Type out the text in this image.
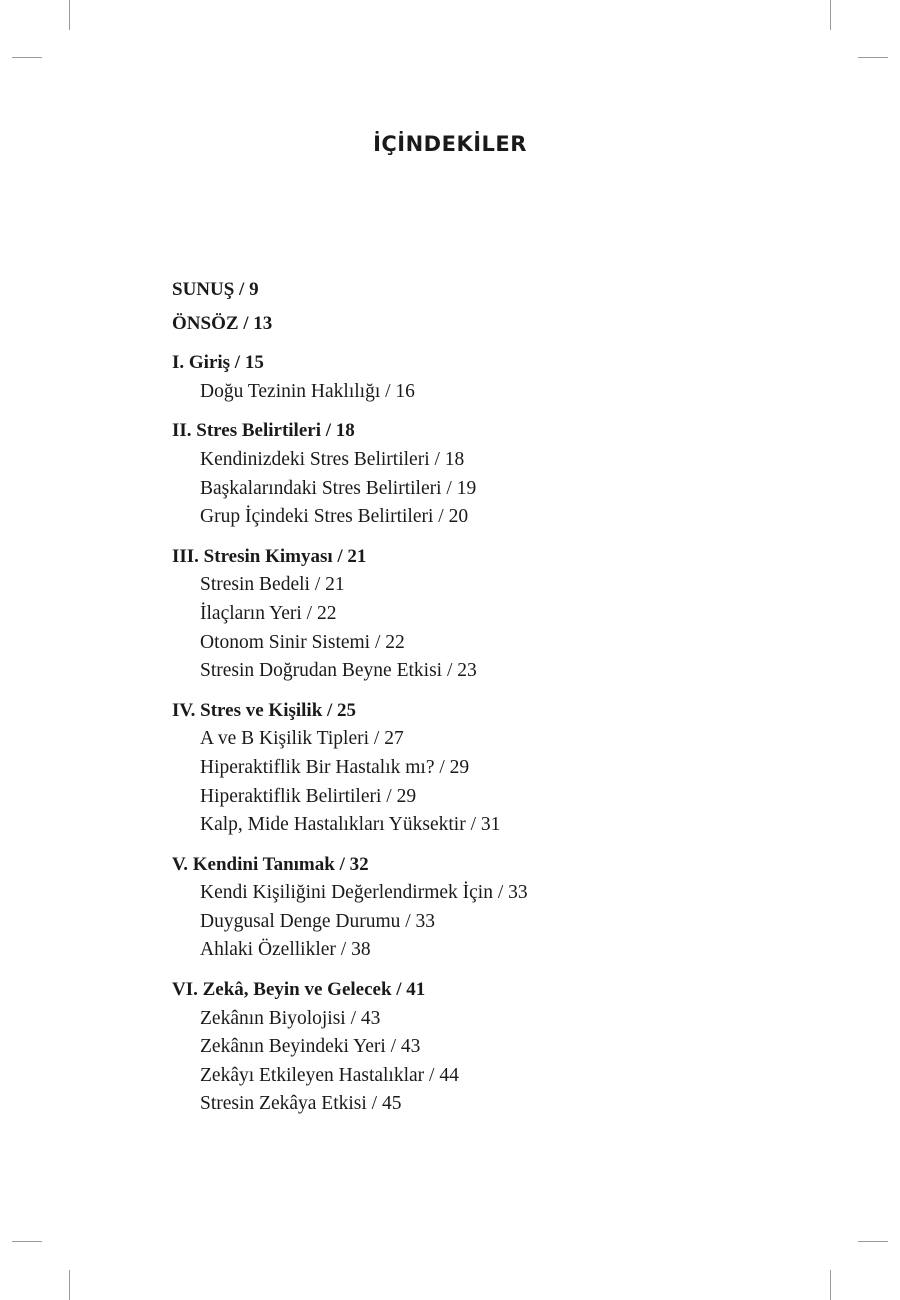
İÇİNDEKİLER
SUNUŞ / 9
ÖNSÖZ / 13
I. Giriş / 15
Doğu Tezinin Haklılığı / 16
II. Stres Belirtileri / 18
Kendinizdeki Stres Belirtileri / 18
Başkalarındaki Stres Belirtileri / 19
Grup İçindeki Stres Belirtileri / 20
III. Stresin Kimyası / 21
Stresin Bedeli / 21
İlaçların Yeri / 22
Otonom Sinir Sistemi / 22
Stresin Doğrudan Beyne Etkisi / 23
IV. Stres ve Kişilik / 25
A ve B Kişilik Tipleri / 27
Hiperaktiflik Bir Hastalık mı? / 29
Hiperaktiflik Belirtileri / 29
Kalp, Mide Hastalıkları Yüksektir / 31
V. Kendini Tanımak / 32
Kendi Kişiliğini Değerlendirmek İçin / 33
Duygusal Denge Durumu / 33
Ahlaki Özellikler / 38
VI. Zekâ, Beyin ve Gelecek / 41
Zekânın Biyolojisi / 43
Zekânın Beyindeki Yeri / 43
Zekâyı Etkileyen Hastalıklar / 44
Stresin Zekâya Etkisi / 45
